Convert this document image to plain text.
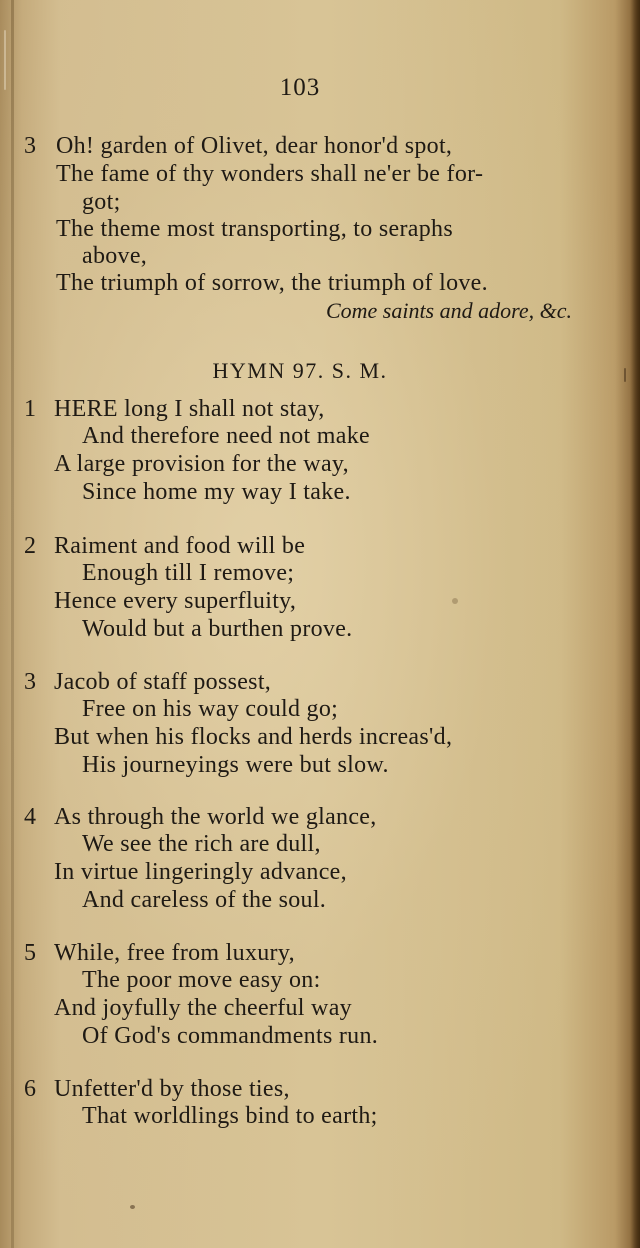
103
3 Oh! garden of Olivet, dear honor'd spot,
The fame of thy wonders shall ne'er be for-
got;
The theme most transporting, to seraphs
above,
The triumph of sorrow, the triumph of love.
Come saints and adore, &c.
HYMN 97. S. M.
1 HERE long I shall not stay,
And therefore need not make
A large provision for the way,
Since home my way I take.
2 Raiment and food will be
Enough till I remove;
Hence every superfluity,
Would but a burthen prove.
3 Jacob of staff possest,
Free on his way could go;
But when his flocks and herds increas'd,
His journeyings were but slow.
4 As through the world we glance,
We see the rich are dull,
In virtue lingeringly advance,
And careless of the soul.
5 While, free from luxury,
The poor move easy on:
And joyfully the cheerful way
Of God's commandments run.
6 Unfetter'd by those ties,
That worldlings bind to earth;
